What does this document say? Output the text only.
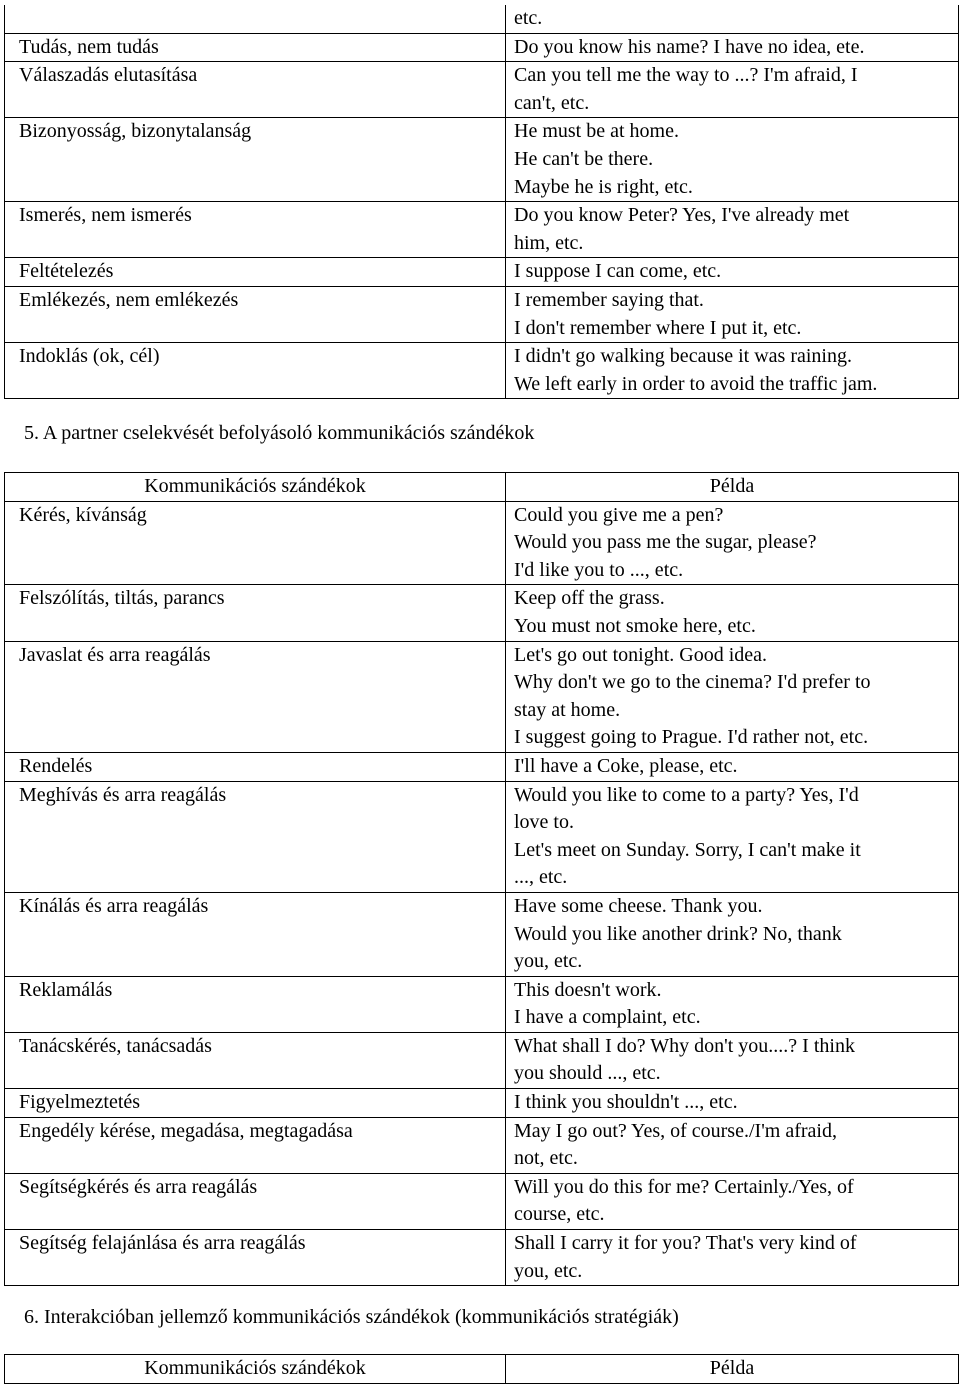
	etc.

Tudás, nem tudás	Do you know his name? I have no idea, ete.

Válaszadás elutasítása	Can you tell me the way to ...? I'm afraid, I
can't, etc.

Bizonyosság, bizonytalanság	He must be at home.
He can't be there.
Maybe he is right, etc.

Ismerés, nem ismerés	Do you know Peter? Yes, I've already met
him, etc.

Feltételezés	I suppose I can come, etc.

Emlékezés, nem emlékezés	I remember saying that.
I don't remember where I put it, etc.

Indoklás (ok, cél)	I didn't go walking because it was raining.
We left early in order to avoid the traffic jam.
5. A partner cselekvését befolyásoló kommunikációs szándékok
Kommunikációs szándékok	Példa

Kérés, kívánság	Could you give me a pen?
Would you pass me the sugar, please?
I'd like you to ..., etc.

Felszólítás, tiltás, parancs	Keep off the grass.
You must not smoke here, etc.

Javaslat és arra reagálás	Let's go out tonight. Good idea.
Why don't we go to the cinema? I'd prefer to
stay at home.
I suggest going to Prague. I'd rather not, etc.

Rendelés	I'll have a Coke, please, etc.

Meghívás és arra reagálás	Would you like to come to a party? Yes, I'd
love to.
Let's meet on Sunday. Sorry, I can't make it
..., etc.

Kínálás és arra reagálás	Have some cheese. Thank you.
Would you like another drink? No, thank
you, etc.

Reklamálás	This doesn't work.
I have a complaint, etc.

Tanácskérés, tanácsadás	What shall I do? Why don't you....? I think
you should ..., etc.

Figyelmeztetés	I think you shouldn't ..., etc.

Engedély kérése, megadása, megtagadása	May I go out? Yes, of course./I'm afraid,
not, etc.

Segítségkérés és arra reagálás	Will you do this for me? Certainly./Yes, of
course, etc.

Segítség felajánlása és arra reagálás	Shall I carry it for you? That's very kind of
you, etc.
6. Interakcióban jellemző kommunikációs szándékok (kommunikációs stratégiák)
Kommunikációs szándékok	Példa
